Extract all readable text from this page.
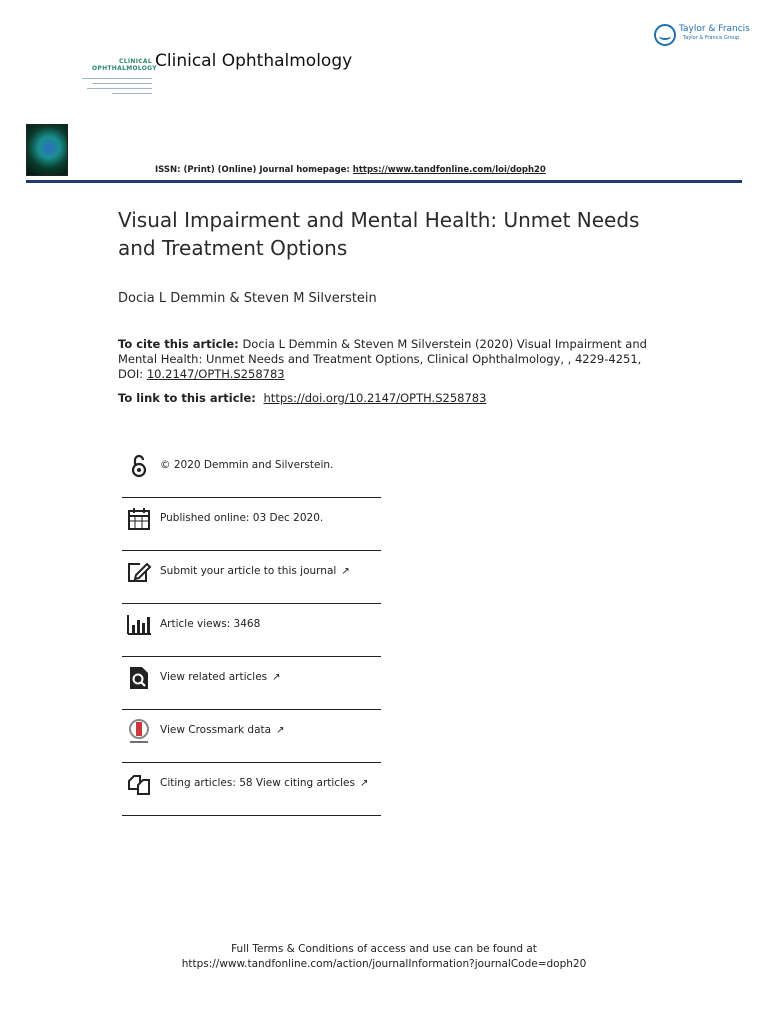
CLINICAL OPHTHALMOLOGY
Clinical Ophthalmology
Taylor & Francis
Taylor & Francis Group
ISSN: (Print) (Online) Journal homepage: https://www.tandfonline.com/loi/doph20
Visual Impairment and Mental Health: Unmet Needs and Treatment Options
Docia L Demmin & Steven M Silverstein
To cite this article: Docia L Demmin & Steven M Silverstein (2020) Visual Impairment and Mental Health: Unmet Needs and Treatment Options, Clinical Ophthalmology, , 4229-4251, DOI: 10.2147/OPTH.S258783
To link to this article: https://doi.org/10.2147/OPTH.S258783
© 2020 Demmin and Silverstein.
Published online: 03 Dec 2020.
Submit your article to this journal ↗
Article views: 3468
View related articles ↗
View Crossmark data ↗
Citing articles: 58 View citing articles ↗
Full Terms & Conditions of access and use can be found at
https://www.tandfonline.com/action/journalInformation?journalCode=doph20
